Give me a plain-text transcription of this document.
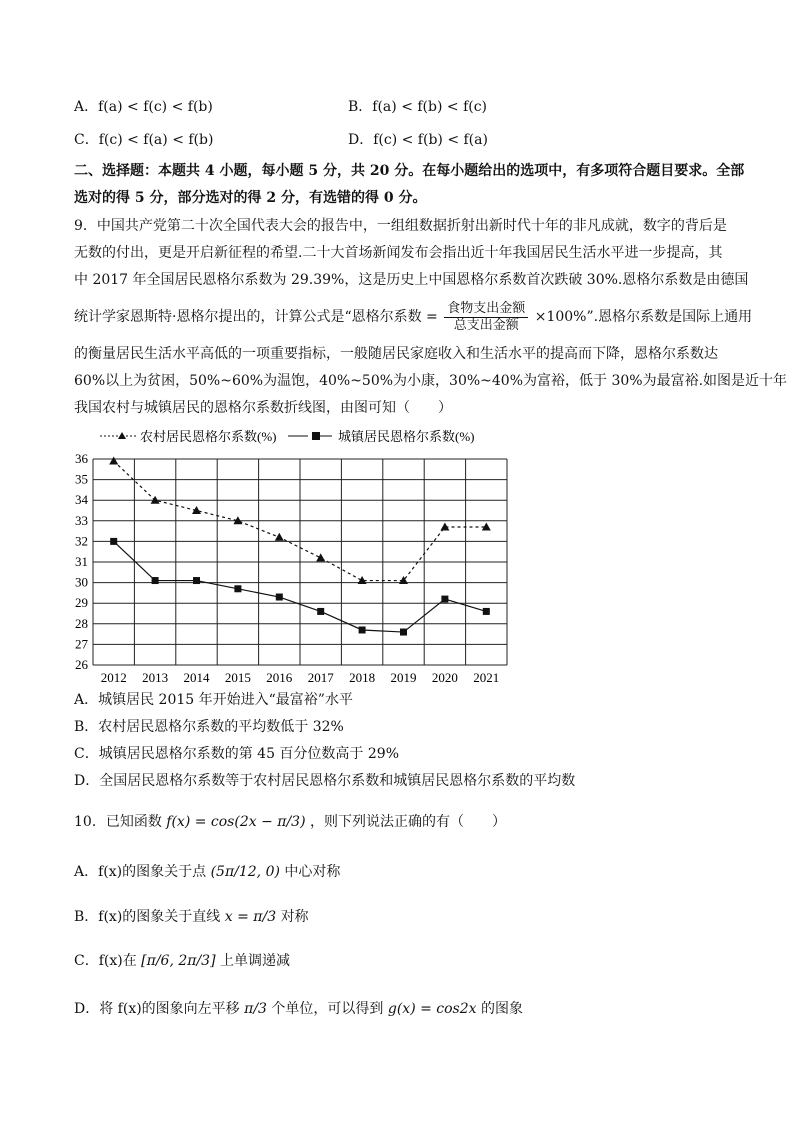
A．f(a) < f(c) < f(b)	B．f(a) < f(b) < f(c)
C．f(c) < f(a) < f(b)	D．f(c) < f(b) < f(a)
二、选择题：本题共 4 小题，每小题 5 分，共 20 分。在每小题给出的选项中，有多项符合题目要求。全部
选对的得 5 分，部分选对的得 2 分，有选错的得 0 分。
9．中国共产党第二十次全国代表大会的报告中，一组组数据折射出新时代十年的非凡成就，数字的背后是
无数的付出，更是开启新征程的希望.二十大首场新闻发布会指出近十年我国居民生活水平进一步提高，其
中 2017 年全国居民恩格尔系数为 29.39%，这是历史上中国恩格尔系数首次跌破 30%.恩格尔系数是由德国
统计学家恩斯特·恩格尔提出的，计算公式是“恩格尔系数 = $\frac{\text{食物支出金额}}{\text{总支出金额}} \times 100\%$”.恩格尔系数是国际上通用
的衡量居民生活水平高低的一项重要指标，一般随居民家庭收入和生活水平的提高而下降，恩格尔系数达
60%以上为贫困，50%~60%为温饱，40%~50%为小康，30%~40%为富裕，低于 30%为最富裕.如图是近十年
我国农村与城镇居民的恩格尔系数折线图，由图可知（　　）
农村居民恩格尔系数(%)	城镇居民恩格尔系数(%)
26
27
28
29
30
31
32
33
34
35
36
2012 2013 2014 2015 2016 2017 2018 2019 2020 2021
A．城镇居民 2015 年开始进入“最富裕”水平
B．农村居民恩格尔系数的平均数低于 32%
C．城镇居民恩格尔系数的第 45 百分位数高于 29%
D．全国居民恩格尔系数等于农村居民恩格尔系数和城镇居民恩格尔系数的平均数
10．已知函数 f(x) = cos(2x − π/3) ，则下列说法正确的有（　　）
A．f(x)的图象关于点 (5π/12, 0) 中心对称
B．f(x)的图象关于直线 x = π/3 对称
C．f(x)在 [π/6, 2π/3] 上单调递减
D．将 f(x)的图象向左平移 π/3 个单位，可以得到 g(x) = cos2x 的图象
